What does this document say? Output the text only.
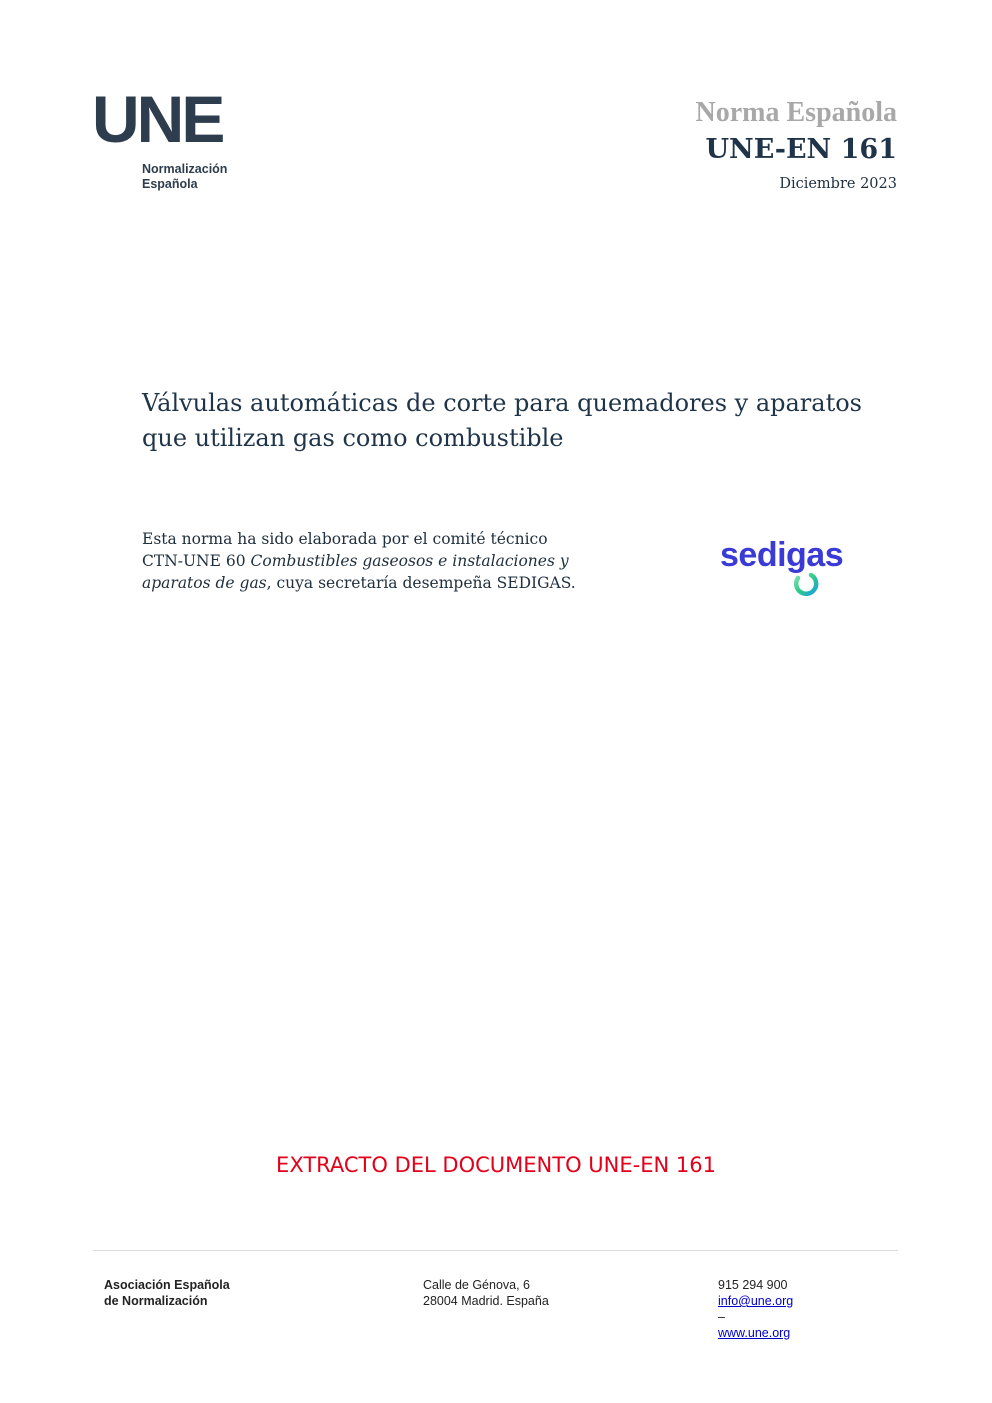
UNE
Normalización
Española
Norma Española
UNE-EN 161
Diciembre 2023
Válvulas automáticas de corte para quemadores y aparatos
que utilizan gas como combustible
Esta norma ha sido elaborada por el comité técnico
CTN-UNE 60 Combustibles gaseosos e instalaciones y
aparatos de gas, cuya secretaría desempeña SEDIGAS.
sedigas
EXTRACTO DEL DOCUMENTO UNE-EN 161
Asociación Española
de Normalización
Calle de Génova, 6
28004 Madrid. España
915 294 900
info@une.org
–
www.une.org
